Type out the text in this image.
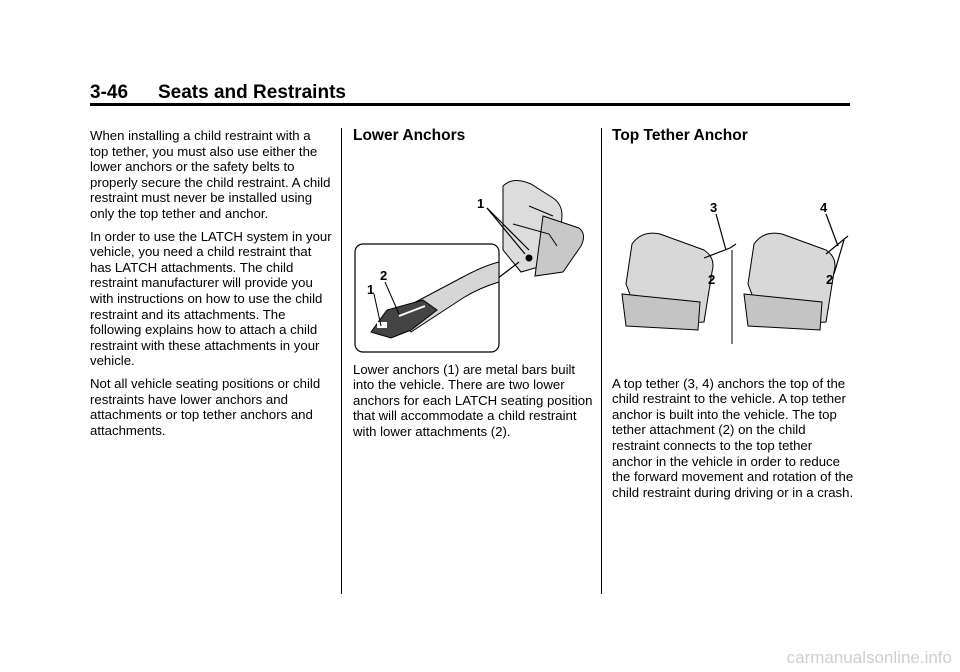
3-46 Seats and Restraints

When installing a child restraint with a top tether, you must also use either the lower anchors or the safety belts to properly secure the child restraint. A child restraint must never be installed using only the top tether and anchor.

In order to use the LATCH system in your vehicle, you need a child restraint that has LATCH attachments. The child restraint manufacturer will provide you with instructions on how to use the child restraint and its attachments. The following explains how to attach a child restraint with these attachments in your vehicle.

Not all vehicle seating positions or child restraints have lower anchors and attachments or top tether anchors and attachments.

Lower Anchors
1
1
2

Lower anchors (1) are metal bars built into the vehicle. There are two lower anchors for each LATCH seating position that will accommodate a child restraint with lower attachments (2).

Top Tether Anchor
3
2
4
2

A top tether (3, 4) anchors the top of the child restraint to the vehicle. A top tether anchor is built into the vehicle. The top tether attachment (2) on the child restraint connects to the top tether anchor in the vehicle in order to reduce the forward movement and rotation of the child restraint during driving or in a crash.

carmanualsonline.info
